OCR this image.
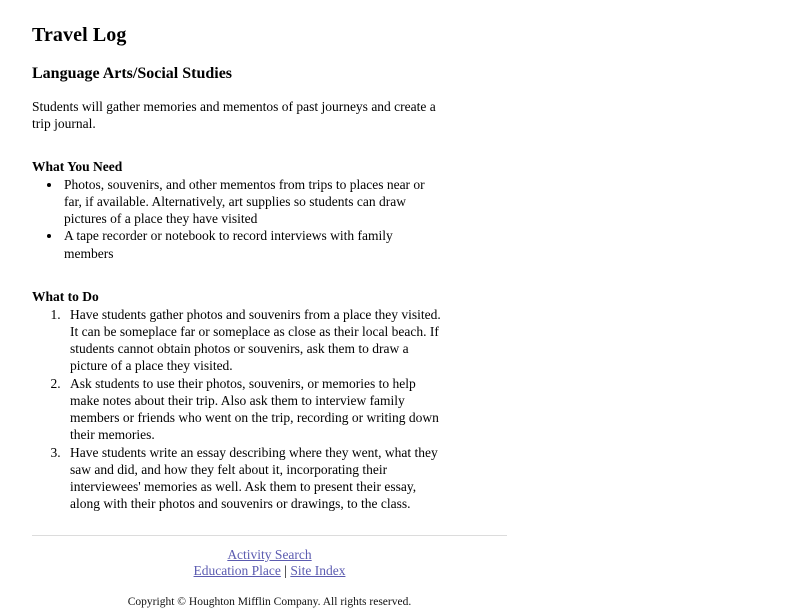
Travel Log
Language Arts/Social Studies

Students will gather memories and mementos of past journeys and create a trip journal.

What You Need
• Photos, souvenirs, and other mementos from trips to places near or far, if available. Alternatively, art supplies so students can draw pictures of a place they have visited
• A tape recorder or notebook to record interviews with family members
What to Do
1. Have students gather photos and souvenirs from a place they visited. It can be someplace far or someplace as close as their local beach. If students cannot obtain photos or souvenirs, ask them to draw a picture of a place they visited.
2. Ask students to use their photos, souvenirs, or memories to help make notes about their trip. Also ask them to interview family members or friends who went on the trip, recording or writing down their memories.
3. Have students write an essay describing where they went, what they saw and did, and how they felt about it, incorporating their interviewees' memories as well. Ask them to present their essay, along with their photos and souvenirs or drawings, to the class.
Activity Search
Education Place | Site Index
Copyright © Houghton Mifflin Company. All rights reserved.
